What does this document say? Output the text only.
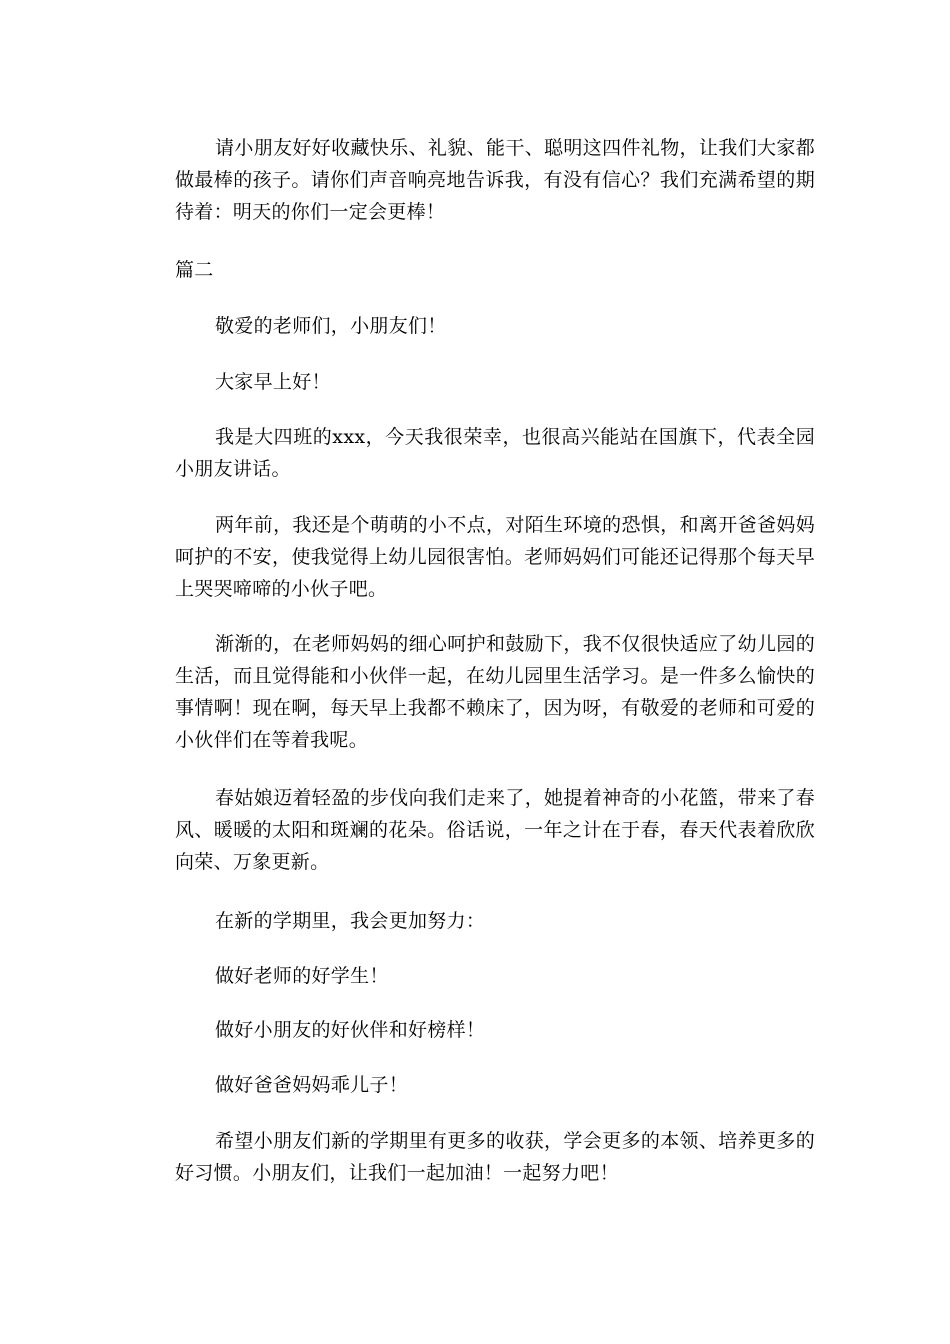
请小朋友好好收藏快乐、礼貌、能干、聪明这四件礼物，让我们大家都做最棒的孩子。请你们声音响亮地告诉我，有没有信心？我们充满希望的期待着：明天的你们一定会更棒！

篇二

敬爱的老师们，小朋友们！

大家早上好！

我是大四班的xxx，今天我很荣幸，也很高兴能站在国旗下，代表全园小朋友讲话。

两年前，我还是个萌萌的小不点，对陌生环境的恐惧，和离开爸爸妈妈呵护的不安，使我觉得上幼儿园很害怕。老师妈妈们可能还记得那个每天早上哭哭啼啼的小伙子吧。

渐渐的，在老师妈妈的细心呵护和鼓励下，我不仅很快适应了幼儿园的生活，而且觉得能和小伙伴一起，在幼儿园里生活学习。是一件多么愉快的事情啊！现在啊，每天早上我都不赖床了，因为呀，有敬爱的老师和可爱的小伙伴们在等着我呢。

春姑娘迈着轻盈的步伐向我们走来了，她提着神奇的小花篮，带来了春风、暖暖的太阳和斑斓的花朵。俗话说，一年之计在于春，春天代表着欣欣向荣、万象更新。

在新的学期里，我会更加努力：

做好老师的好学生！

做好小朋友的好伙伴和好榜样！

做好爸爸妈妈乖儿子！

希望小朋友们新的学期里有更多的收获，学会更多的本领、培养更多的好习惯。小朋友们，让我们一起加油！一起努力吧！
